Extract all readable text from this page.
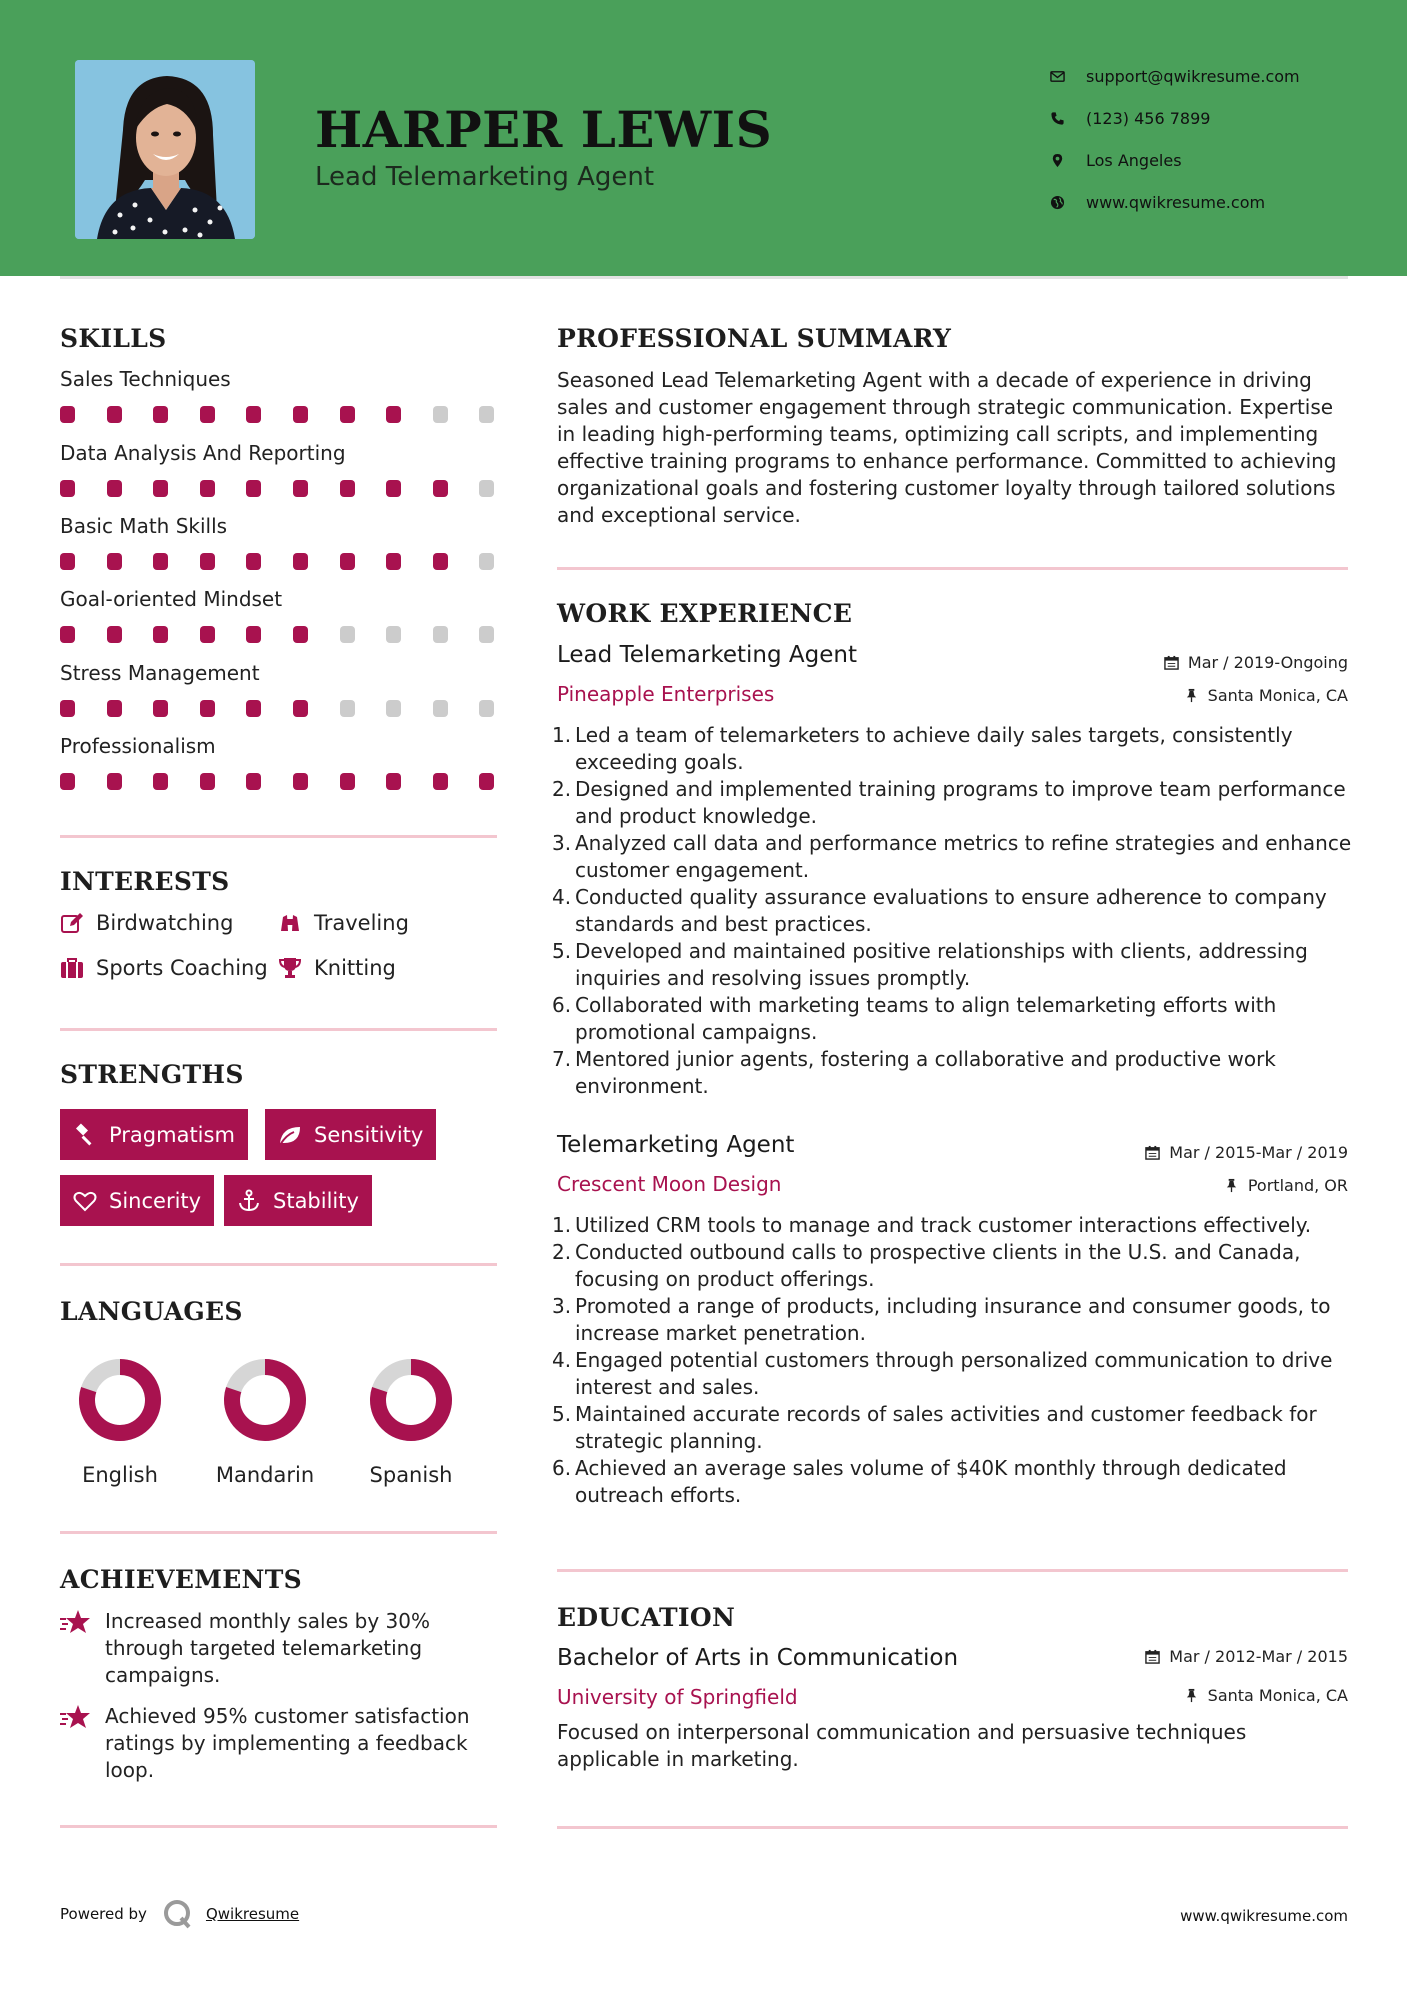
HARPER LEWIS
Lead Telemarketing Agent
support@qwikresume.com
(123) 456 7899
Los Angeles
www.qwikresume.com
SKILLS
Sales Techniques
Data Analysis And Reporting
Basic Math Skills
Goal-oriented Mindset
Stress Management
Professionalism
INTERESTS
Birdwatching	Traveling
Sports Coaching Knitting
STRENGTHS
Pragmatism	Sensitivity
Sincerity	Stability
LANGUAGES
English	Mandarin	Spanish
ACHIEVEMENTS
Increased monthly sales by 30% through targeted telemarketing campaigns.
Achieved 95% customer satisfaction ratings by implementing a feedback loop.
PROFESSIONAL SUMMARY
Seasoned Lead Telemarketing Agent with a decade of experience in driving sales and customer engagement through strategic communication. Expertise in leading high-performing teams, optimizing call scripts, and implementing effective training programs to enhance performance. Committed to achieving organizational goals and fostering customer loyalty through tailored solutions and exceptional service.
WORK EXPERIENCE
Lead Telemarketing Agent	Mar / 2019-Ongoing
Pineapple Enterprises	Santa Monica, CA
1. Led a team of telemarketers to achieve daily sales targets, consistently exceeding goals.
2. Designed and implemented training programs to improve team performance and product knowledge.
3. Analyzed call data and performance metrics to refine strategies and enhance customer engagement.
4. Conducted quality assurance evaluations to ensure adherence to company standards and best practices.
5. Developed and maintained positive relationships with clients, addressing inquiries and resolving issues promptly.
6. Collaborated with marketing teams to align telemarketing efforts with promotional campaigns.
7. Mentored junior agents, fostering a collaborative and productive work environment.
Telemarketing Agent	Mar / 2015-Mar / 2019
Crescent Moon Design	Portland, OR
1. Utilized CRM tools to manage and track customer interactions effectively.
2. Conducted outbound calls to prospective clients in the U.S. and Canada, focusing on product offerings.
3. Promoted a range of products, including insurance and consumer goods, to increase market penetration.
4. Engaged potential customers through personalized communication to drive interest and sales.
5. Maintained accurate records of sales activities and customer feedback for strategic planning.
6. Achieved an average sales volume of $40K monthly through dedicated outreach efforts.
EDUCATION
Bachelor of Arts in Communication	Mar / 2012-Mar / 2015
University of Springfield	Santa Monica, CA
Focused on interpersonal communication and persuasive techniques applicable in marketing.
Powered by	Qwikresume	www.qwikresume.com
